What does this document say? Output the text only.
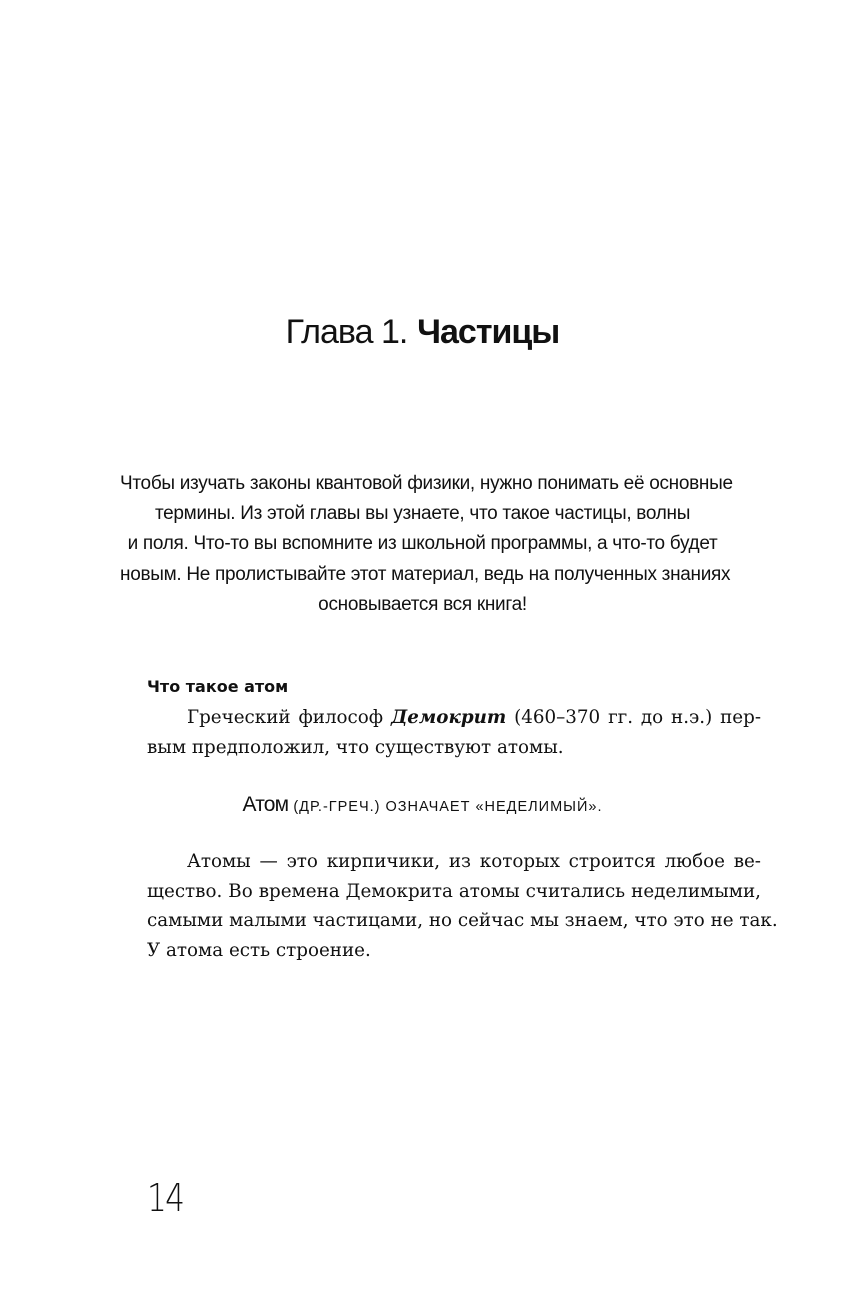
Глава 1. Частицы
Чтобы изучать законы квантовой физики, нужно понимать её основные
термины. Из этой главы вы узнаете, что такое частицы, волны
и поля. Что-то вы вспомните из школьной программы, а что-то будет
новым. Не пролистывайте этот материал, ведь на полученных знаниях
основывается вся книга!
Что такое атом
Греческий философ Демокрит (460–370 гг. до н.э.) пер-
вым предположил, что существуют атомы.
Атом (ДР.-ГРЕЧ.) ОЗНАЧАЕТ «НЕДЕЛИМЫЙ».
Атомы — это кирпичики, из которых строится любое ве-
щество. Во времена Демокрита атомы считались неделимыми,
самыми малыми частицами, но сейчас мы знаем, что это не так.
У атома есть строение.
14
